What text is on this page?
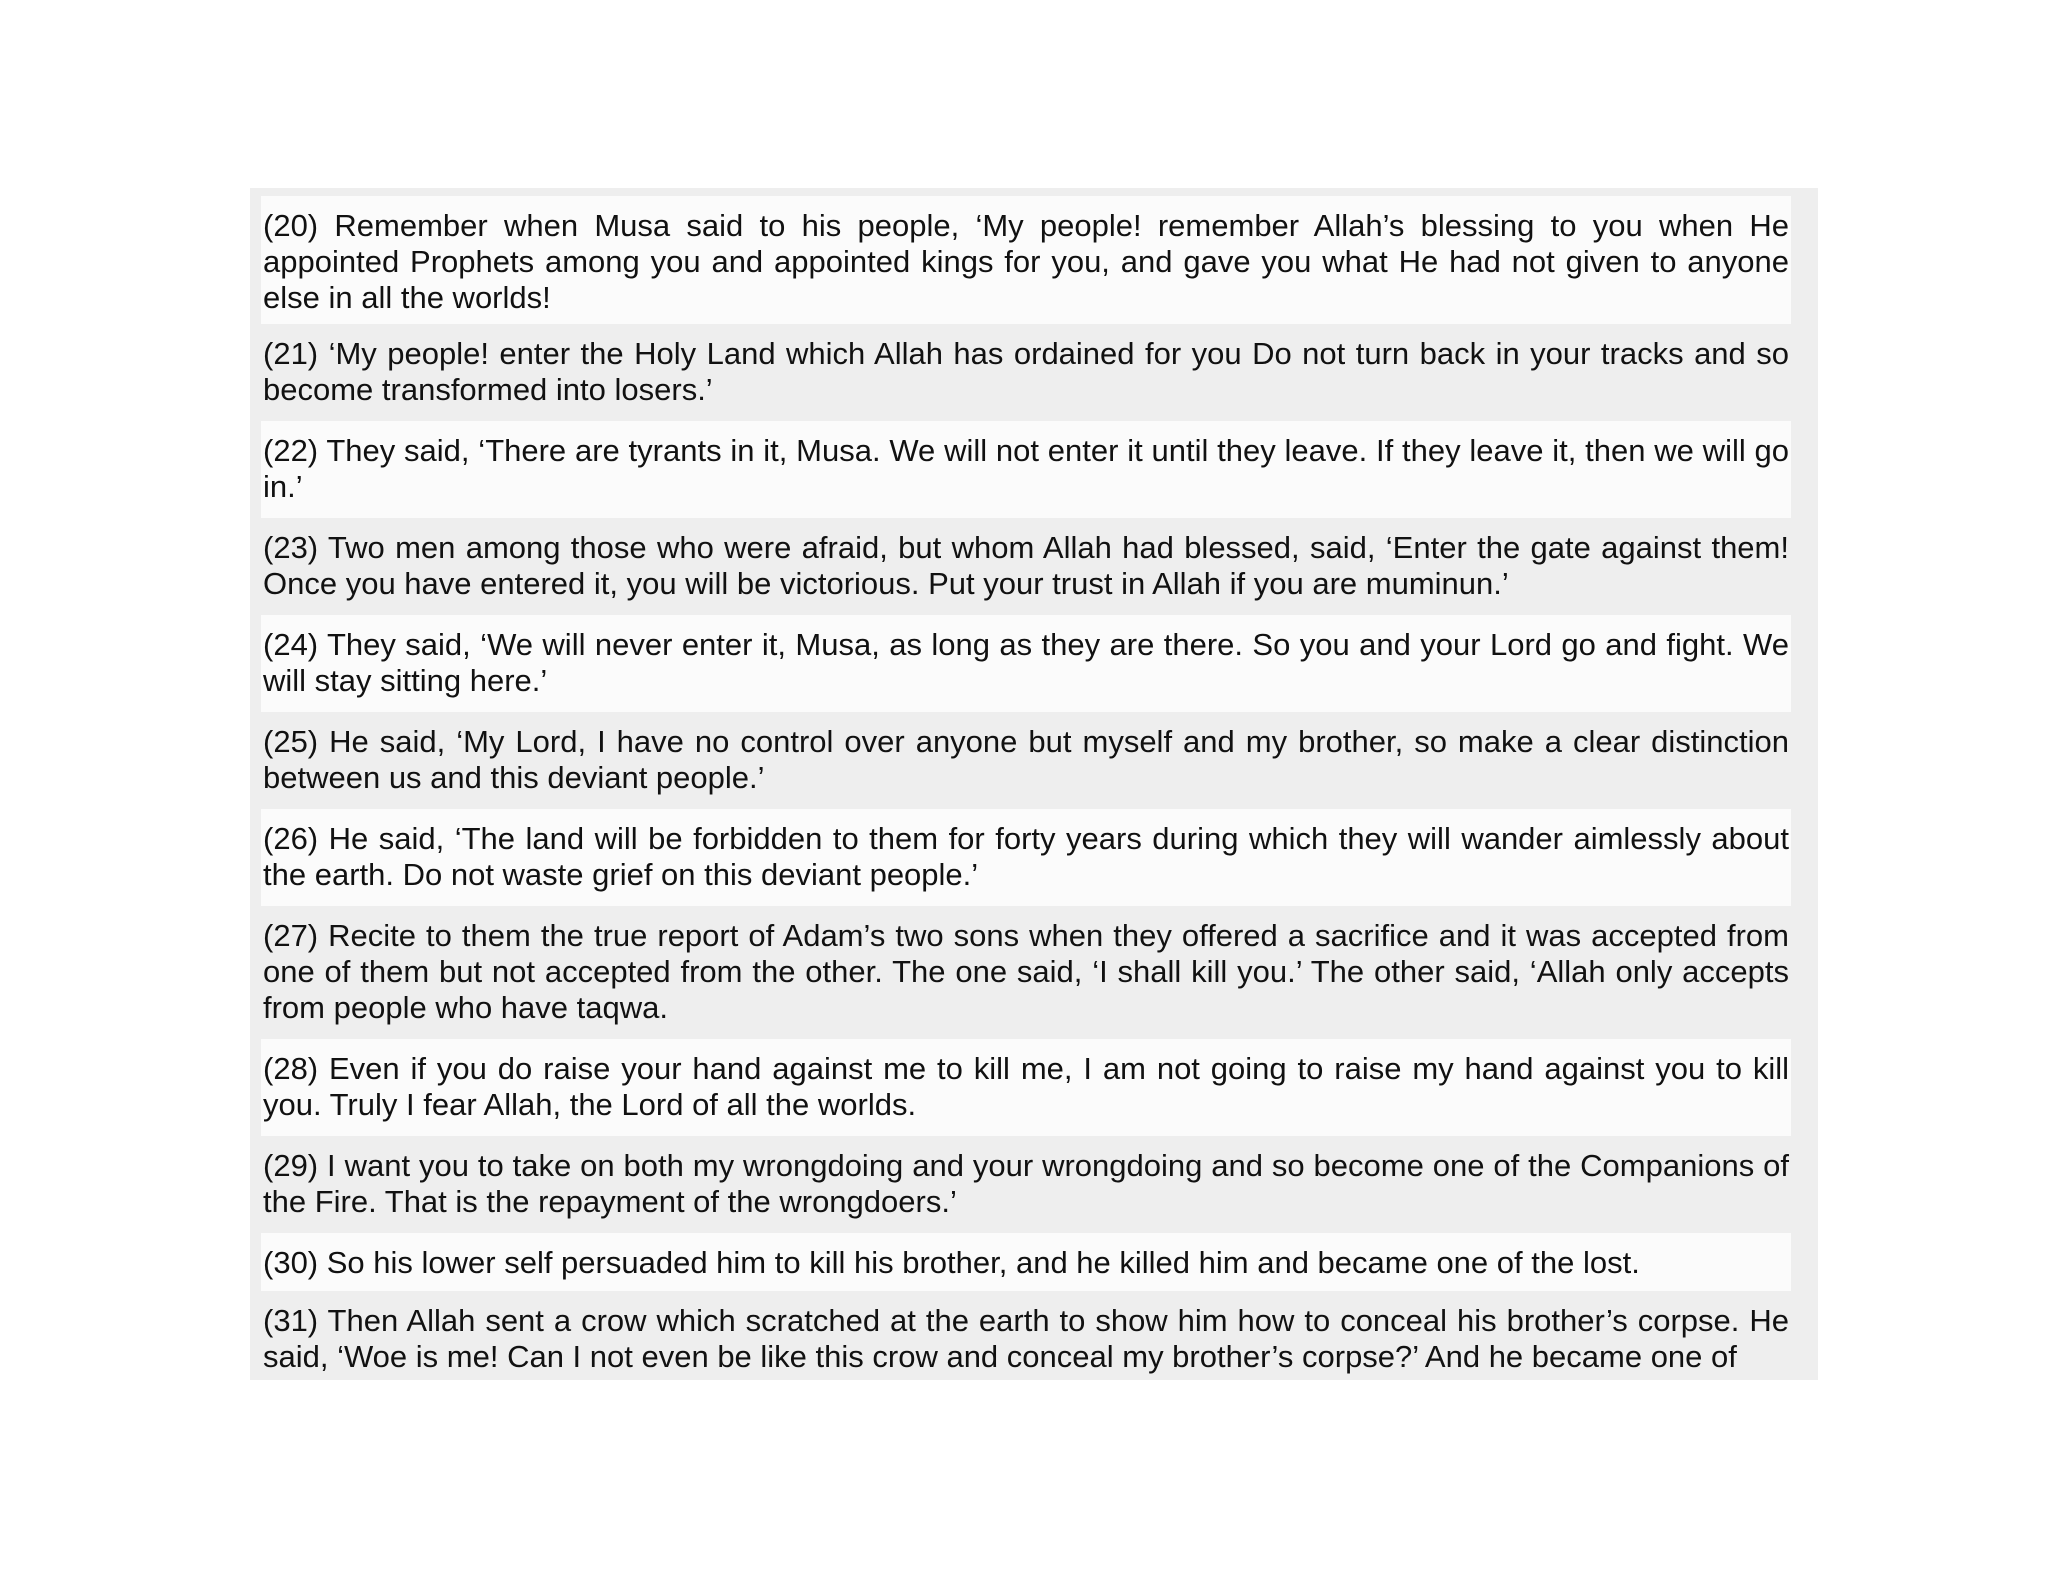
(20) Remember when Musa said to his people, ‘My people! remember Allah’s blessing to you when He appointed Prophets among you and appointed kings for you, and gave you what He had not given to anyone else in all the worlds!
(21) ‘My people! enter the Holy Land which Allah has ordained for you Do not turn back in your tracks and so become transformed into losers.’
(22) They said, ‘There are tyrants in it, Musa. We will not enter it until they leave. If they leave it, then we will go in.’
(23) Two men among those who were afraid, but whom Allah had blessed, said, ‘Enter the gate against them! Once you have entered it, you will be victorious. Put your trust in Allah if you are muminun.’
(24) They said, ‘We will never enter it, Musa, as long as they are there. So you and your Lord go and fight. We will stay sitting here.’
(25) He said, ‘My Lord, I have no control over anyone but myself and my brother, so make a clear distinction between us and this deviant people.’
(26) He said, ‘The land will be forbidden to them for forty years during which they will wander aimlessly about the earth. Do not waste grief on this deviant people.’
(27) Recite to them the true report of Adam’s two sons when they offered a sacrifice and it was accepted from one of them but not accepted from the other. The one said, ‘I shall kill you.’ The other said, ‘Allah only accepts from people who have taqwa.
(28) Even if you do raise your hand against me to kill me, I am not going to raise my hand against you to kill you. Truly I fear Allah, the Lord of all the worlds.
(29) I want you to take on both my wrongdoing and your wrongdoing and so become one of the Companions of the Fire. That is the repayment of the wrongdoers.’
(30) So his lower self persuaded him to kill his brother, and he killed him and became one of the lost.
(31) Then Allah sent a crow which scratched at the earth to show him how to conceal his brother’s corpse. He said, ‘Woe is me! Can I not even be like this crow and conceal my brother’s corpse?’ And he became one of
